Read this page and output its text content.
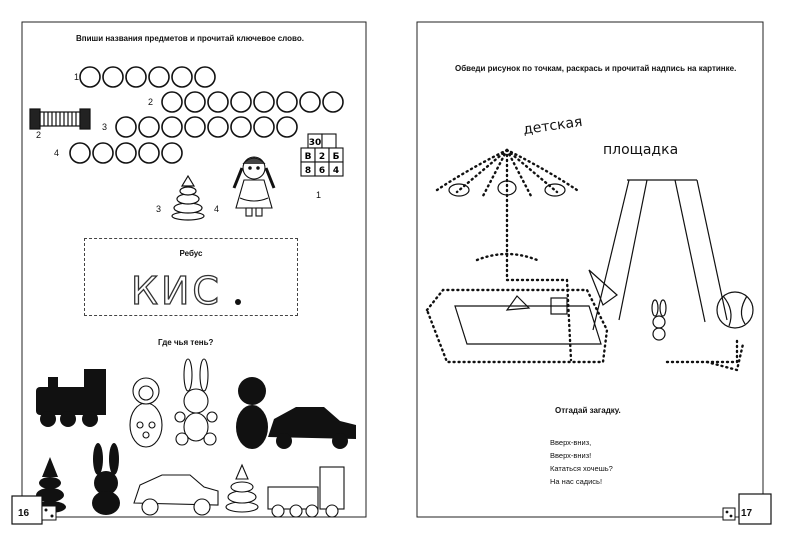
Впиши названия предметов и прочитай ключевое слово.
1
2
3
4
2
3	4
1
30
В 2 Б
8 6 4
Ребус
КИС
Где чья тень?
16
Обведи рисунок по точкам, раскрась и прочитай надпись на картинке.
детская
площадка
Отгадай загадку.
Вверх-вниз,
Вверх-вниз!
Кататься хочешь?
На нас садись!
17
